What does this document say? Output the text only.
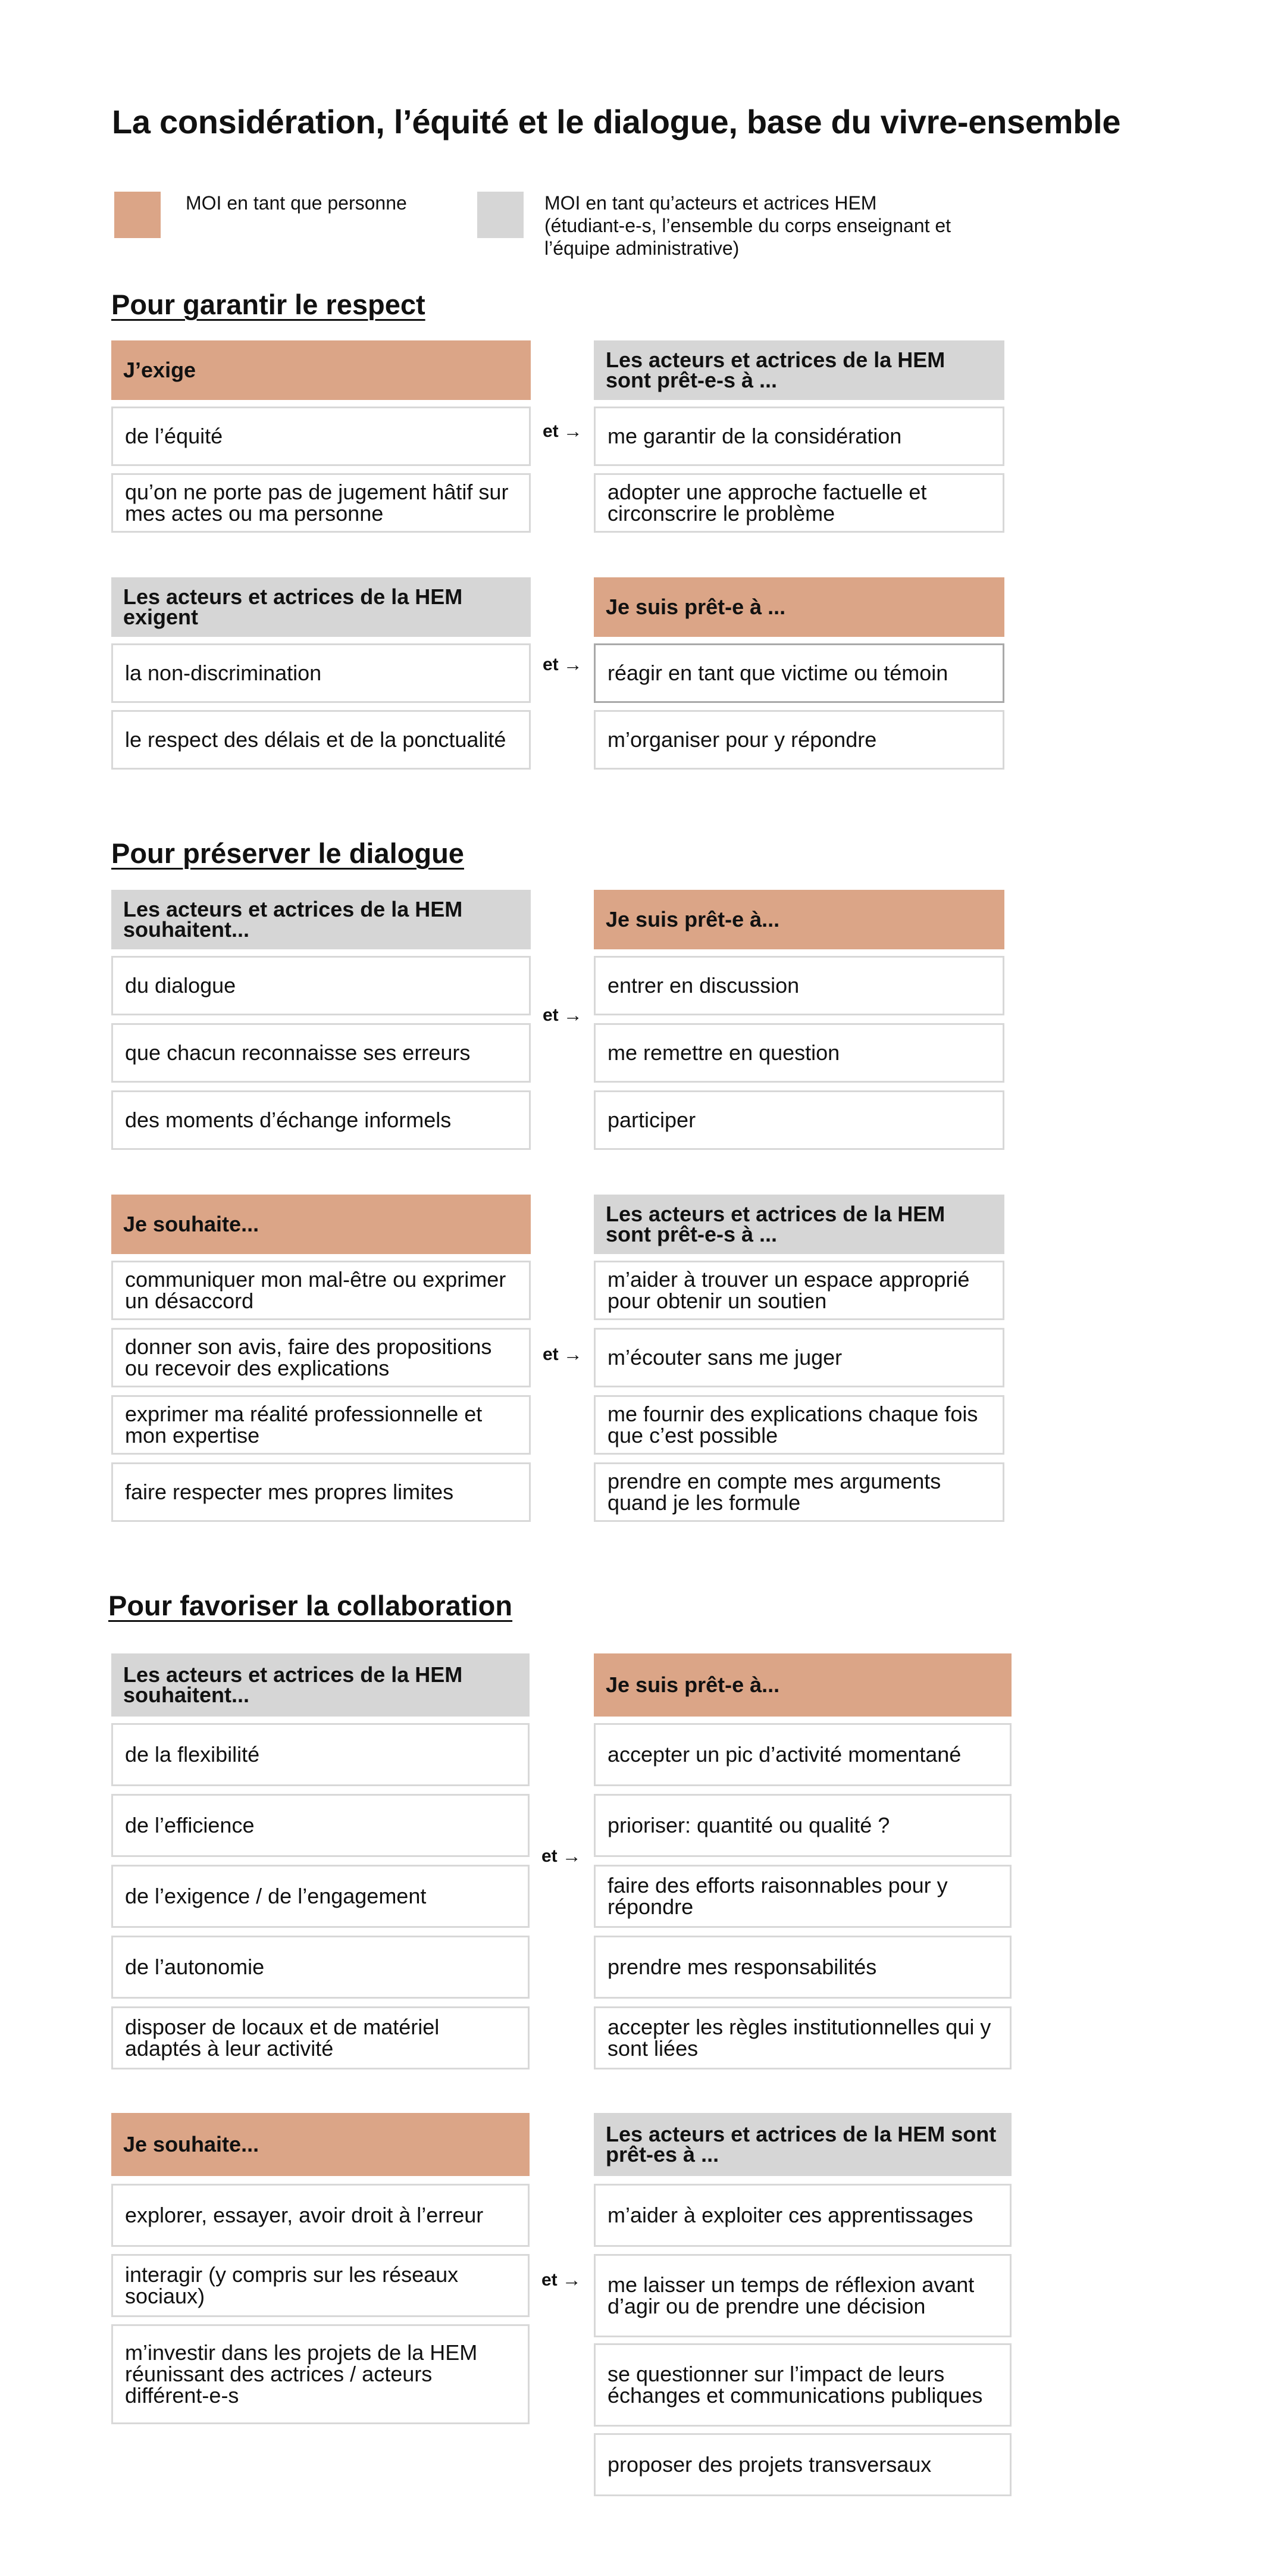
La considération, l’équité et le dialogue, base du vivre-ensemble
MOI en tant que personne	MOI en tant qu’acteurs et actrices HEM
(étudiant-e-s, l’ensemble du corps enseignant et
l’équipe administrative)
Pour garantir le respect
J’exige
de l’équité
qu’on ne porte pas de jugement hâtif sur mes actes ou ma personne
et →
Les acteurs et actrices de la HEM sont prêt-e-s à ...
me garantir de la considération
adopter une approche factuelle et circonscrire le problème
Les acteurs et actrices de la HEM exigent
la non-discrimination
le respect des délais et de la ponctualité
et →
Je suis prêt-e à ...
réagir en tant que victime ou témoin
m’organiser pour y répondre
Pour préserver le dialogue
Les acteurs et actrices de la HEM souhaitent...
du dialogue
que chacun reconnaisse ses erreurs
des moments d’échange informels
et →
Je suis prêt-e à...
entrer en discussion
me remettre en question
participer
Je souhaite...
communiquer mon mal-être ou exprimer un désaccord
donner son avis, faire des propositions ou recevoir des explications
exprimer ma réalité professionnelle et mon expertise
faire respecter mes propres limites
et →
Les acteurs et actrices de la HEM sont prêt-e-s à ...
m’aider à trouver un espace approprié pour obtenir un soutien
m’écouter sans me juger
me fournir des explications chaque fois que c’est possible
prendre en compte mes arguments quand je les formule
Pour favoriser la collaboration
Les acteurs et actrices de la HEM souhaitent...
de la flexibilité
de l’efficience
de l’exigence / de l’engagement
de l’autonomie
disposer de locaux et de matériel adaptés à leur activité
et →
Je suis prêt-e à...
accepter un pic d’activité momentané
prioriser: quantité ou qualité ?
faire des efforts raisonnables pour y répondre
prendre mes responsabilités
accepter les règles institutionnelles qui y sont liées
Je souhaite...
explorer, essayer, avoir droit à l’erreur
interagir (y compris sur les réseaux sociaux)
m’investir dans les projets de la HEM réunissant des actrices / acteurs différent-e-s
et →
Les acteurs et actrices de la HEM sont prêt-es à ...
m’aider à exploiter ces apprentissages
me laisser un temps de réflexion avant d’agir ou de prendre une décision
se questionner sur l’impact de leurs échanges et communications publiques
proposer des projets transversaux
